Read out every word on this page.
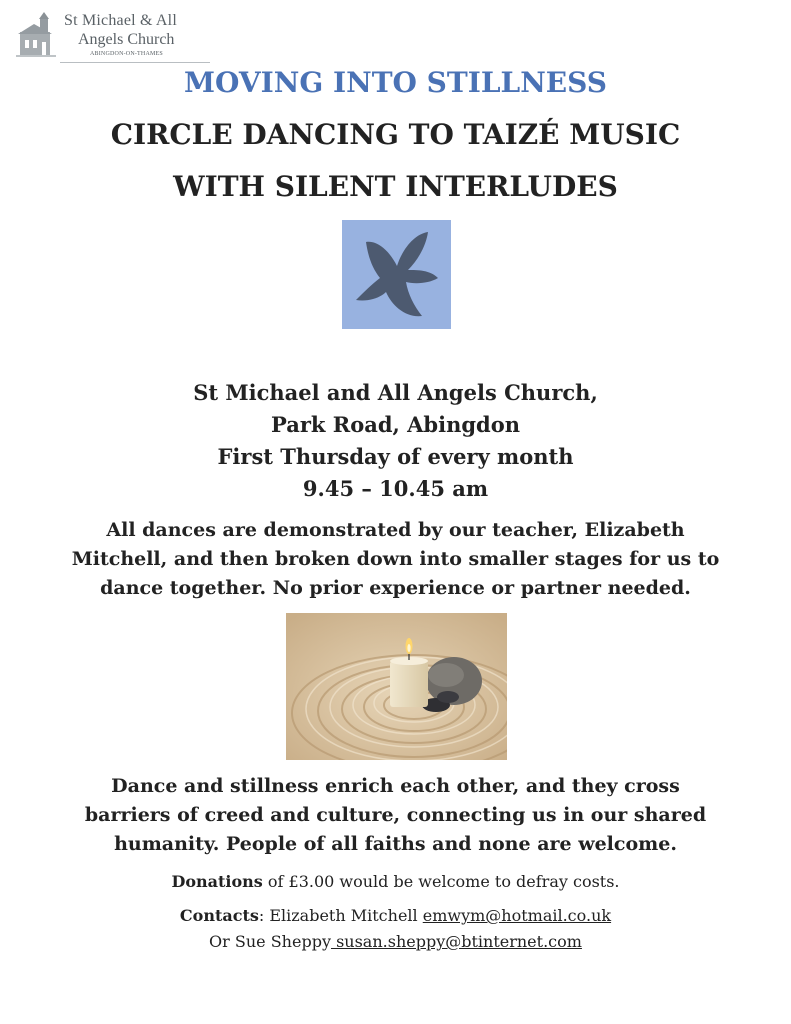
St Michael & All
Angels Church
ABINGDON-ON-THAMES
MOVING INTO STILLNESS
CIRCLE DANCING TO TAIZÉ MUSIC
WITH SILENT INTERLUDES
St Michael and All Angels Church,
Park Road, Abingdon
First Thursday of every month
9.45 – 10.45 am
All dances are demonstrated by our teacher, Elizabeth
Mitchell, and then broken down into smaller stages for us to
dance together. No prior experience or partner needed.
Dance and stillness enrich each other, and they cross
barriers of creed and culture, connecting us in our shared
humanity. People of all faiths and none are welcome.
Donations of £3.00 would be welcome to defray costs.
Contacts: Elizabeth Mitchell emwym@hotmail.co.uk
Or Sue Sheppy susan.sheppy@btinternet.com
